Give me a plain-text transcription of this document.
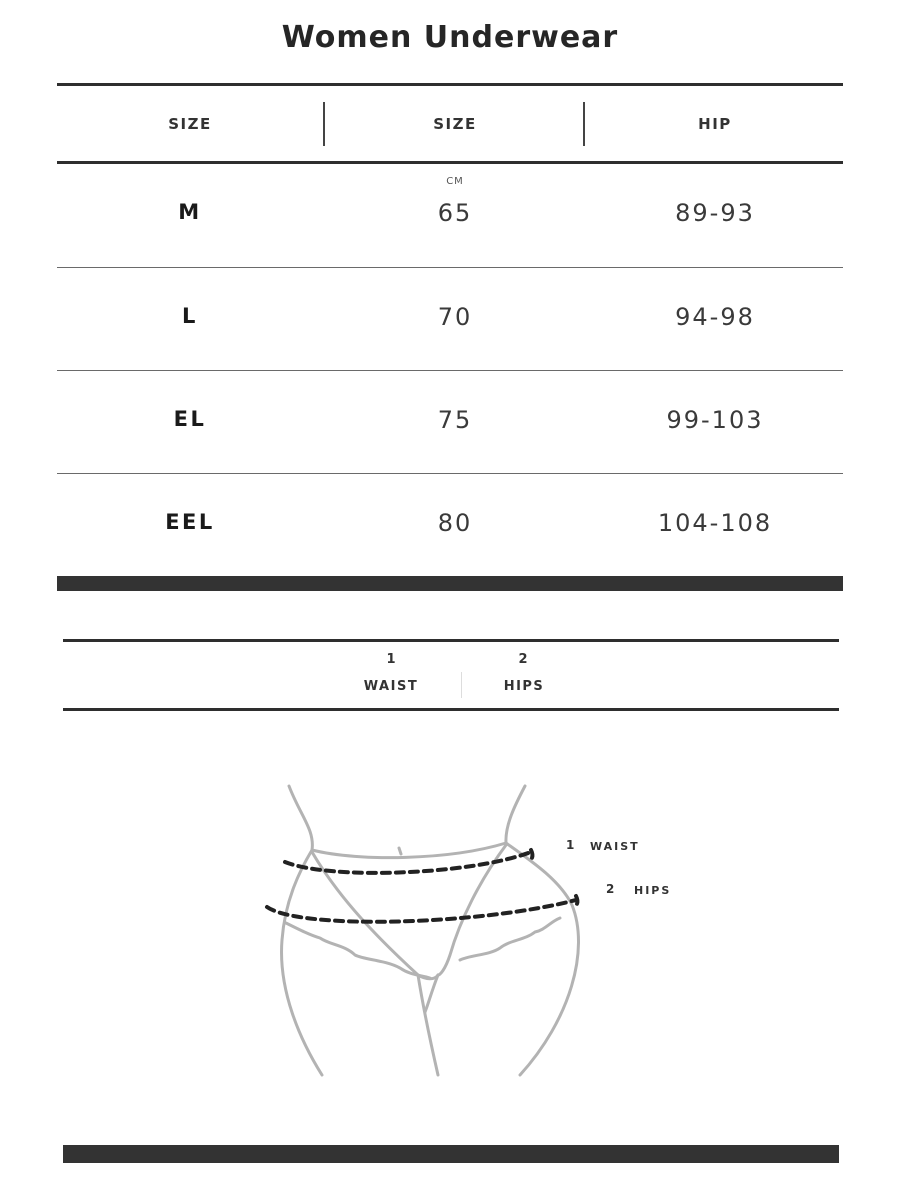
Women Underwear
SIZE	SIZE	HIP
CM
M	65	89-93
L	70	94-98
EL	75	99-103
EEL	80	104-108
1
WAIST
2
HIPS
1 WAIST
2 HIPS
